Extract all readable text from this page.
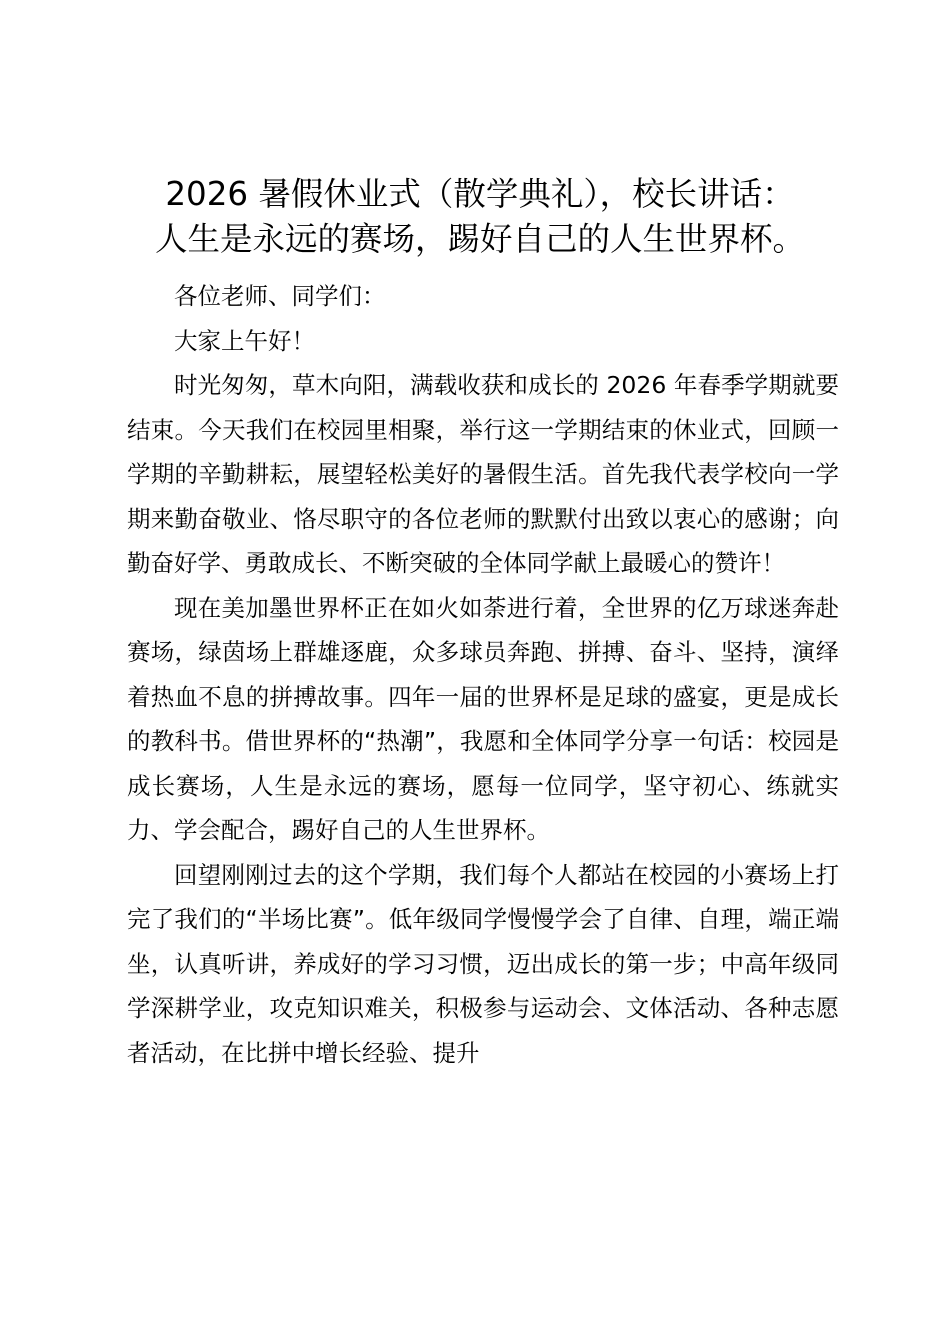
2026 暑假休业式（散学典礼），校长讲话：
人生是永远的赛场，踢好自己的人生世界杯。

各位老师、同学们：

大家上午好！

时光匆匆，草木向阳，满载收获和成长的 2026 年春季学期就要结束。今天我们在校园里相聚，举行这一学期结束的休业式，回顾一学期的辛勤耕耘，展望轻松美好的暑假生活。首先我代表学校向一学期来勤奋敬业、恪尽职守的各位老师的默默付出致以衷心的感谢；向勤奋好学、勇敢成长、不断突破的全体同学献上最暖心的赞许！

现在美加墨世界杯正在如火如荼进行着，全世界的亿万球迷奔赴赛场，绿茵场上群雄逐鹿，众多球员奔跑、拼搏、奋斗、坚持，演绎着热血不息的拼搏故事。四年一届的世界杯是足球的盛宴，更是成长的教科书。借世界杯的“热潮”，我愿和全体同学分享一句话：校园是成长赛场，人生是永远的赛场，愿每一位同学，坚守初心、练就实力、学会配合，踢好自己的人生世界杯。

回望刚刚过去的这个学期，我们每个人都站在校园的小赛场上打完了我们的“半场比赛”。低年级同学慢慢学会了自律、自理，端正端坐，认真听讲，养成好的学习习惯，迈出成长的第一步；中高年级同学深耕学业，攻克知识难关，积极参与运动会、文体活动、各种志愿者活动，在比拼中增长经验、提升
